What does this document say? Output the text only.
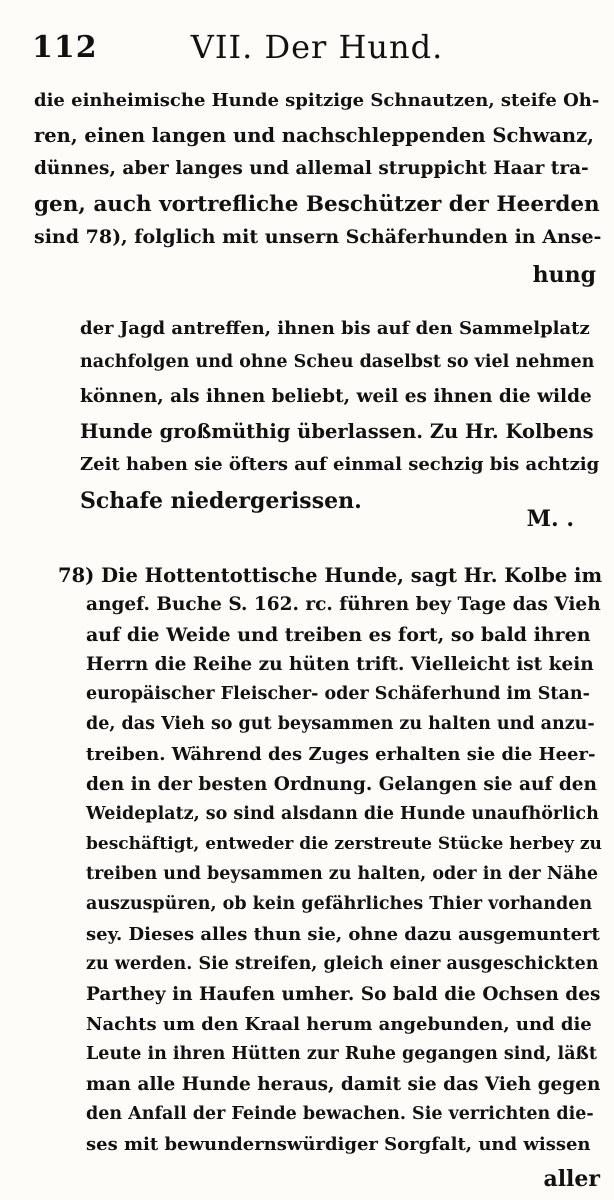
112	VII. Der Hund.
die einheimische Hunde spitzige Schnautzen, steife Oh-
ren, einen langen und nachschleppenden Schwanz,
dünnes, aber langes und allemal struppicht Haar tra-
gen, auch vortrefliche Beschützer der Heerden
sind 78), folglich mit unsern Schäferhunden in Anse-
hung
der Jagd antreffen, ihnen bis auf den Sammelplatz
nachfolgen und ohne Scheu daselbst so viel nehmen
können, als ihnen beliebt, weil es ihnen die wilde
Hunde großmüthig überlassen. Zu Hr. Kolbens
Zeit haben sie öfters auf einmal sechzig bis achtzig
Schafe niedergerissen.
M. .
78) Die Hottentottische Hunde, sagt Hr. Kolbe im
angef. Buche S. 162. rc. führen bey Tage das Vieh
auf die Weide und treiben es fort, so bald ihren
Herrn die Reihe zu hüten trift. Vielleicht ist kein
europäischer Fleischer- oder Schäferhund im Stan-
de, das Vieh so gut beysammen zu halten und anzu-
treiben. Während des Zuges erhalten sie die Heer-
den in der besten Ordnung. Gelangen sie auf den
Weideplatz, so sind alsdann die Hunde unaufhörlich
beschäftigt, entweder die zerstreute Stücke herbey zu
treiben und beysammen zu halten, oder in der Nähe
auszuspüren, ob kein gefährliches Thier vorhanden
sey. Dieses alles thun sie, ohne dazu ausgemuntert
zu werden. Sie streifen, gleich einer ausgeschickten
Parthey in Haufen umher. So bald die Ochsen des
Nachts um den Kraal herum angebunden, und die
Leute in ihren Hütten zur Ruhe gegangen sind, läßt
man alle Hunde heraus, damit sie das Vieh gegen
den Anfall der Feinde bewachen. Sie verrichten die-
ses mit bewundernswürdiger Sorgfalt, und wissen
aller
